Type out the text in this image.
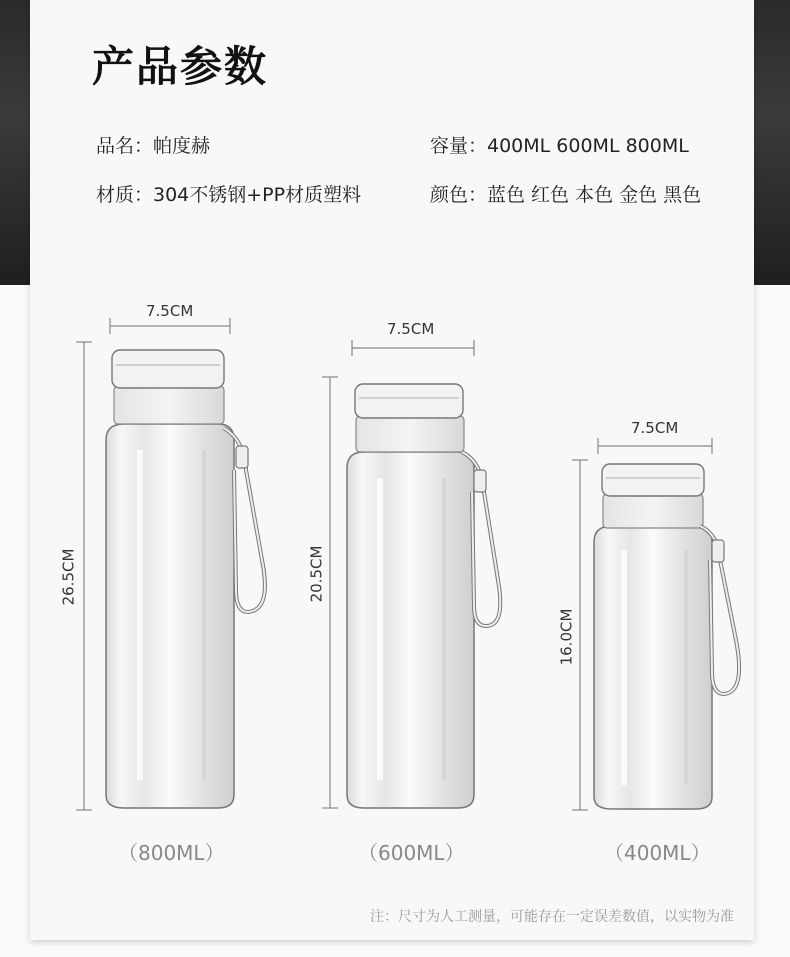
产品参数
品名：帕度赫	容量：400ML 600ML 800ML
材质：304不锈钢+PP材质塑料	颜色：蓝色 红色 本色 金色 黑色
7.5CM
7.5CM
7.5CM
26.5CM	20.5CM
16.0CM
（800ML）	（600ML）	（400ML）
注：尺寸为人工测量，可能存在一定误差数值，以实物为准
